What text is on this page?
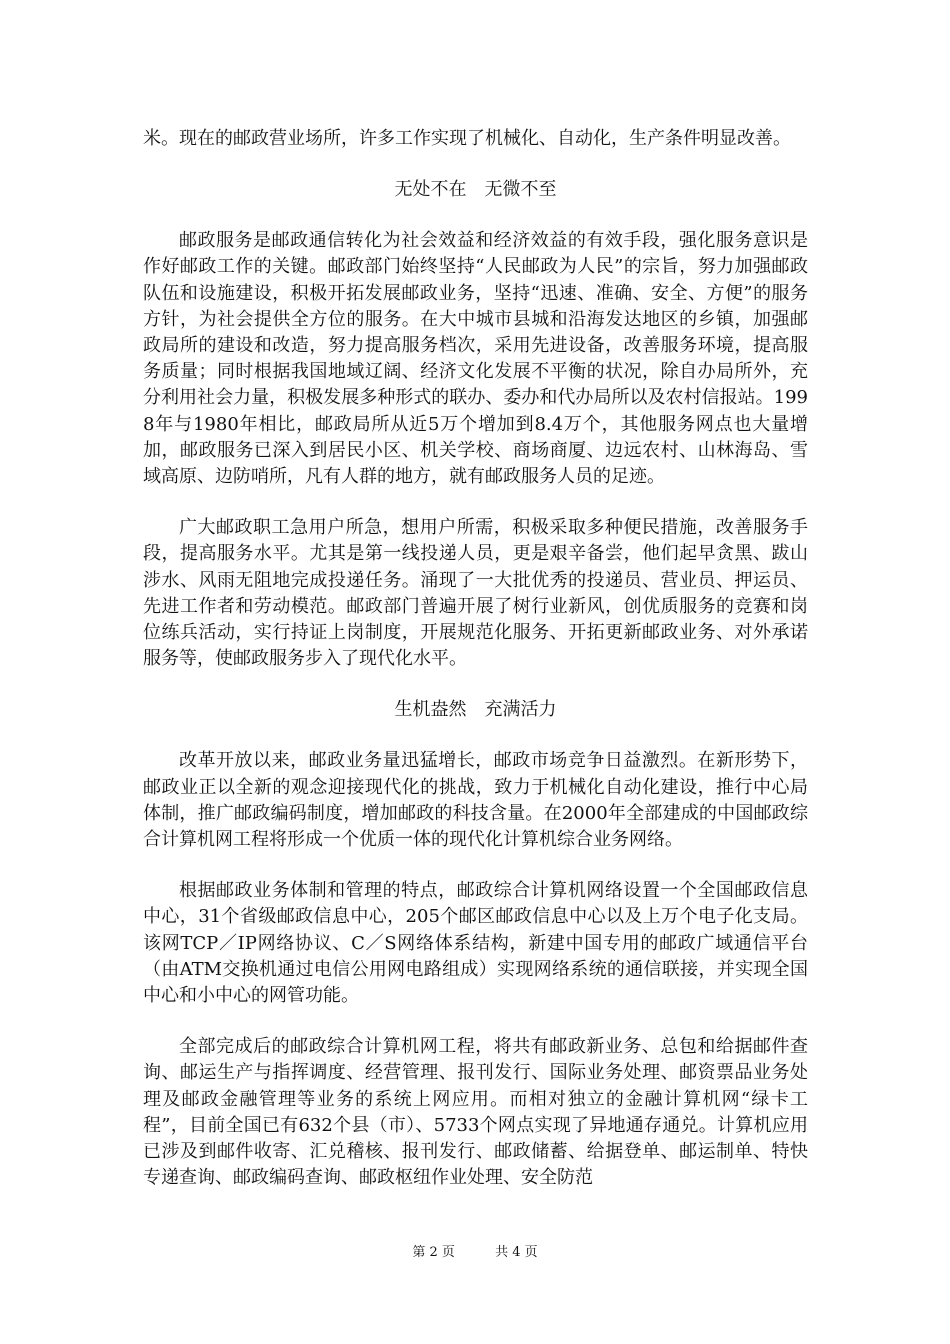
米。现在的邮政营业场所，许多工作实现了机械化、自动化，生产条件明显改善。

无处不在　无微不至

邮政服务是邮政通信转化为社会效益和经济效益的有效手段，强化服务意识是作好邮政工作的关键。邮政部门始终坚持“人民邮政为人民”的宗旨，努力加强邮政队伍和设施建设，积极开拓发展邮政业务，坚持“迅速、准确、安全、方便”的服务方针，为社会提供全方位的服务。在大中城市县城和沿海发达地区的乡镇，加强邮政局所的建设和改造，努力提高服务档次，采用先进设备，改善服务环境，提高服务质量；同时根据我国地域辽阔、经济文化发展不平衡的状况，除自办局所外，充分利用社会力量，积极发展多种形式的联办、委办和代办局所以及农村信报站。1998年与1980年相比，邮政局所从近5万个增加到8.4万个，其他服务网点也大量增加，邮政服务已深入到居民小区、机关学校、商场商厦、边远农村、山林海岛、雪域高原、边防哨所，凡有人群的地方，就有邮政服务人员的足迹。

广大邮政职工急用户所急，想用户所需，积极采取多种便民措施，改善服务手段，提高服务水平。尤其是第一线投递人员，更是艰辛备尝，他们起早贪黑、跋山涉水、风雨无阻地完成投递任务。涌现了一大批优秀的投递员、营业员、押运员、先进工作者和劳动模范。邮政部门普遍开展了树行业新风，创优质服务的竞赛和岗位练兵活动，实行持证上岗制度，开展规范化服务、开拓更新邮政业务、对外承诺服务等，使邮政服务步入了现代化水平。

生机盎然　充满活力

改革开放以来，邮政业务量迅猛增长，邮政市场竞争日益激烈。在新形势下，邮政业正以全新的观念迎接现代化的挑战，致力于机械化自动化建设，推行中心局体制，推广邮政编码制度，增加邮政的科技含量。在2000年全部建成的中国邮政综合计算机网工程将形成一个优质一体的现代化计算机综合业务网络。

根据邮政业务体制和管理的特点，邮政综合计算机网络设置一个全国邮政信息中心，31个省级邮政信息中心，205个邮区邮政信息中心以及上万个电子化支局。该网TCP／IP网络协议、C／S网络体系结构，新建中国专用的邮政广域通信平台（由ATM交换机通过电信公用网电路组成）实现网络系统的通信联接，并实现全国中心和小中心的网管功能。

全部完成后的邮政综合计算机网工程，将共有邮政新业务、总包和给据邮件查询、邮运生产与指挥调度、经营管理、报刊发行、国际业务处理、邮资票品业务处理及邮政金融管理等业务的系统上网应用。而相对独立的金融计算机网“绿卡工程”，目前全国已有632个县（市）、5733个网点实现了异地通存通兑。计算机应用已涉及到邮件收寄、汇兑稽核、报刊发行、邮政储蓄、给据登单、邮运制单、特快专递查询、邮政编码查询、邮政枢纽作业处理、安全防范

第 2 页	共 4 页
